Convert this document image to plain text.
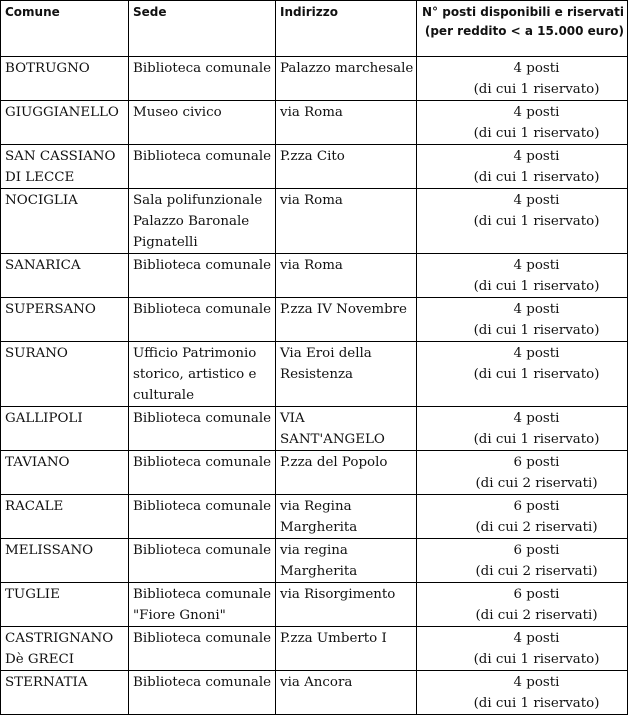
Comune	Sede	Indirizzo	N° posti disponibili e riservati
(per reddito < a 15.000 euro)

BOTRUGNO	Biblioteca comunale	Palazzo marchesale	4 posti
(di cui 1 riservato)

GIUGGIANELLO	Museo civico	via Roma	4 posti
(di cui 1 riservato)

SAN CASSIANO
DI LECCE	Biblioteca comunale	P.zza Cito	4 posti
(di cui 1 riservato)

NOCIGLIA	Sala polifunzionale
Palazzo Baronale
Pignatelli	via Roma	4 posti
(di cui 1 riservato)

SANARICA	Biblioteca comunale	via Roma	4 posti
(di cui 1 riservato)

SUPERSANO	Biblioteca comunale	P.zza IV Novembre	4 posti
(di cui 1 riservato)

SURANO	Ufficio Patrimonio
storico, artistico e
culturale	Via Eroi della
Resistenza	4 posti
(di cui 1 riservato)

GALLIPOLI	Biblioteca comunale	VIA
SANT'ANGELO	4 posti
(di cui 1 riservato)

TAVIANO	Biblioteca comunale	P.zza del Popolo	6 posti
(di cui 2 riservati)

RACALE	Biblioteca comunale	via Regina
Margherita	6 posti
(di cui 2 riservati)

MELISSANO	Biblioteca comunale	via regina
Margherita	6 posti
(di cui 2 riservati)

TUGLIE	Biblioteca comunale
"Fiore Gnoni"	via Risorgimento	6 posti
(di cui 2 riservati)

CASTRIGNANO
Dè GRECI	Biblioteca comunale	P.zza Umberto I	4 posti
(di cui 1 riservato)

STERNATIA	Biblioteca comunale	via Ancora	4 posti
(di cui 1 riservato)
